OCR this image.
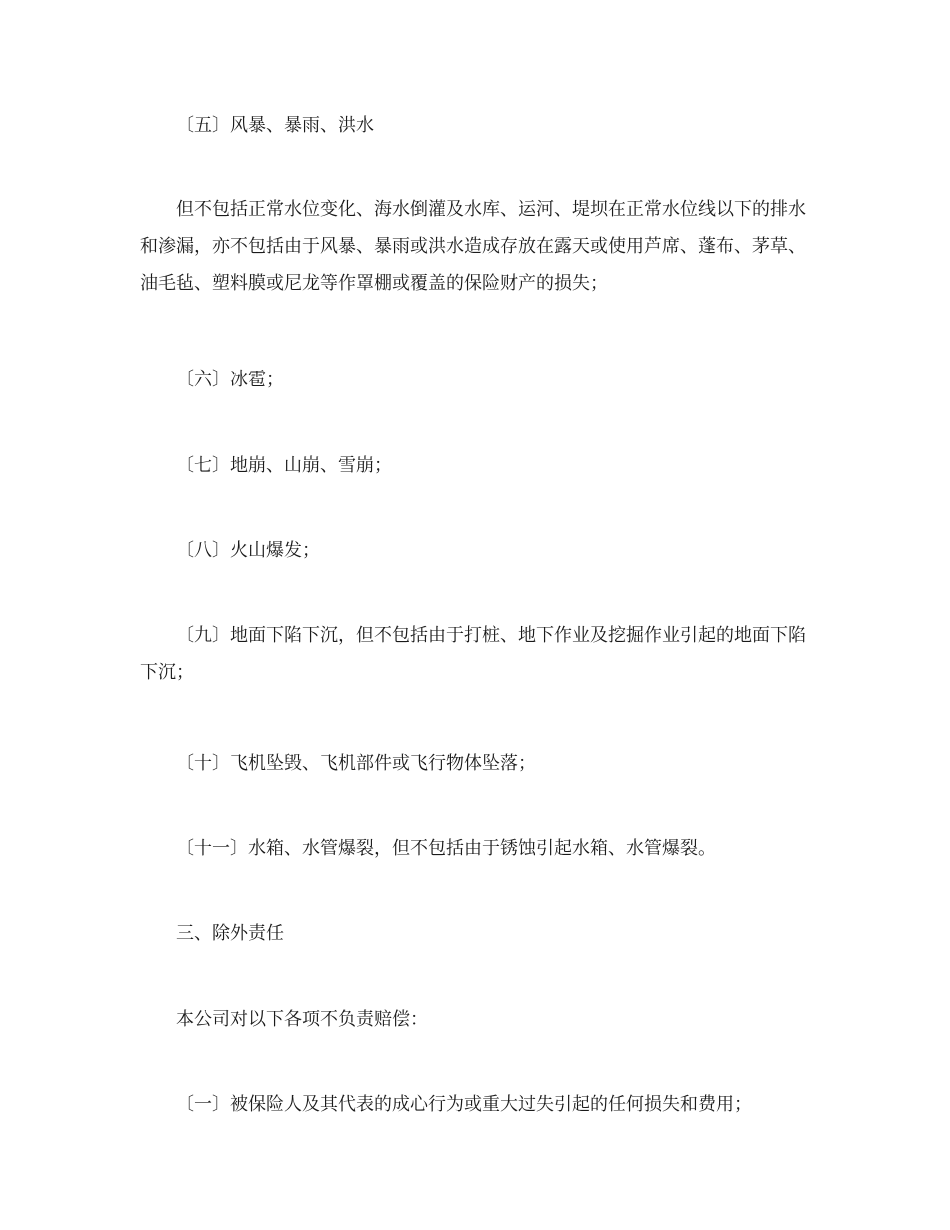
〔五〕风暴、暴雨、洪水

但不包括正常水位变化、海水倒灌及水库、运河、堤坝在正常水位线以下的排水和渗漏，亦不包括由于风暴、暴雨或洪水造成存放在露天或使用芦席、蓬布、茅草、油毛毡、塑料膜或尼龙等作罩棚或覆盖的保险财产的损失；

〔六〕冰雹；

〔七〕地崩、山崩、雪崩；

〔八〕火山爆发；

〔九〕地面下陷下沉，但不包括由于打桩、地下作业及挖掘作业引起的地面下陷下沉；

〔十〕飞机坠毁、飞机部件或飞行物体坠落；

〔十一〕水箱、水管爆裂，但不包括由于锈蚀引起水箱、水管爆裂。

三、除外责任

本公司对以下各项不负责赔偿：

〔一〕被保险人及其代表的成心行为或重大过失引起的任何损失和费用；
